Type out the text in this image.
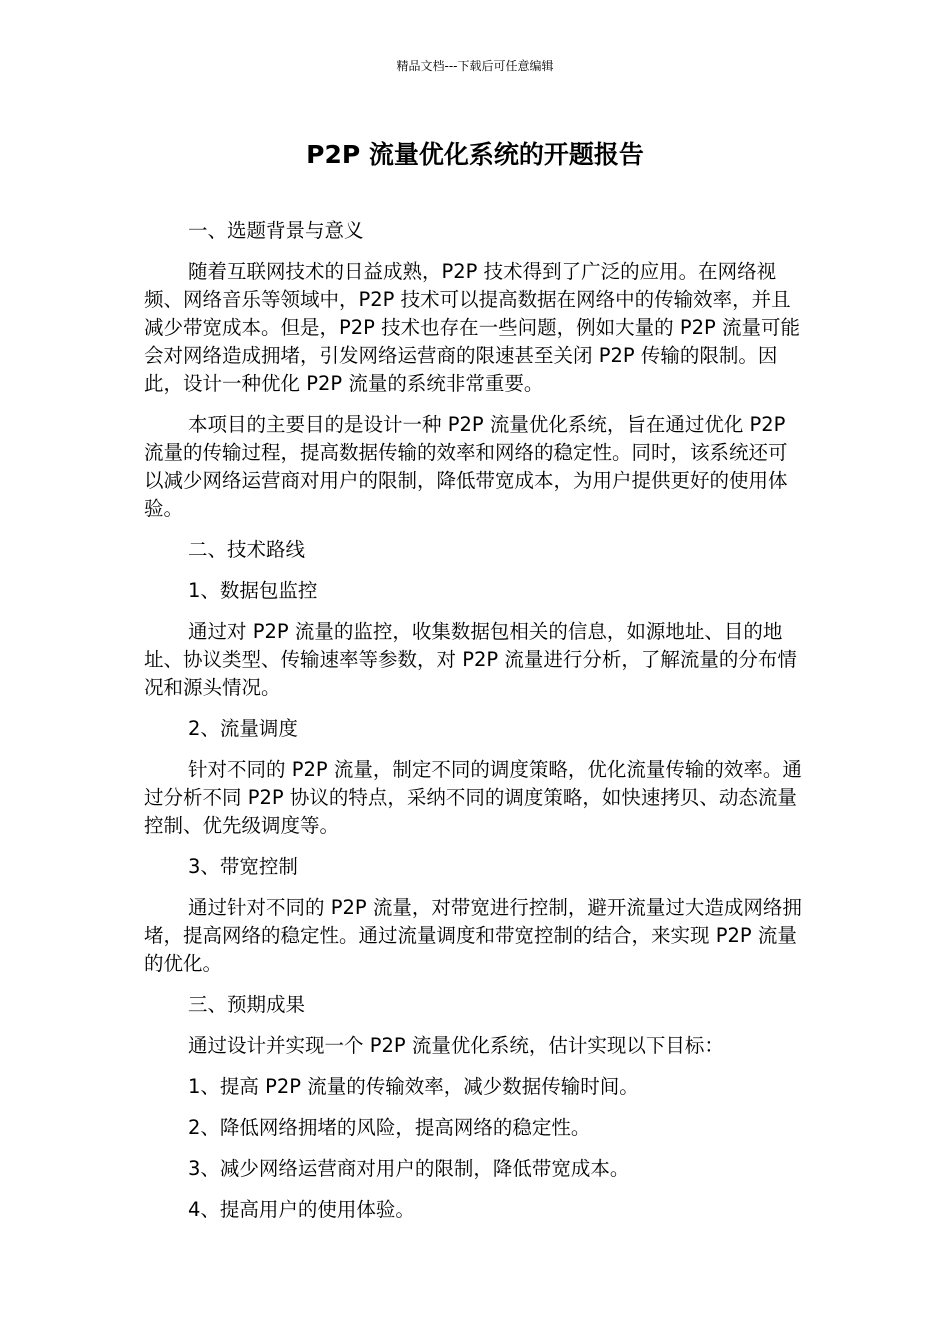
精品文档---下载后可任意编辑
P2P 流量优化系统的开题报告

一、选题背景与意义

随着互联网技术的日益成熟，P2P 技术得到了广泛的应用。在网络视频、网络音乐等领域中，P2P 技术可以提高数据在网络中的传输效率，并且减少带宽成本。但是，P2P 技术也存在一些问题，例如大量的 P2P 流量可能会对网络造成拥堵，引发网络运营商的限速甚至关闭 P2P 传输的限制。因此，设计一种优化 P2P 流量的系统非常重要。

本项目的主要目的是设计一种 P2P 流量优化系统，旨在通过优化 P2P 流量的传输过程，提高数据传输的效率和网络的稳定性。同时，该系统还可以减少网络运营商对用户的限制，降低带宽成本，为用户提供更好的使用体验。

二、技术路线

1、数据包监控

通过对 P2P 流量的监控，收集数据包相关的信息，如源地址、目的地址、协议类型、传输速率等参数，对 P2P 流量进行分析，了解流量的分布情况和源头情况。

2、流量调度

针对不同的 P2P 流量，制定不同的调度策略，优化流量传输的效率。通过分析不同 P2P 协议的特点，采纳不同的调度策略，如快速拷贝、动态流量控制、优先级调度等。

3、带宽控制

通过针对不同的 P2P 流量，对带宽进行控制，避开流量过大造成网络拥堵，提高网络的稳定性。通过流量调度和带宽控制的结合，来实现 P2P 流量的优化。

三、预期成果

通过设计并实现一个 P2P 流量优化系统，估计实现以下目标：

1、提高 P2P 流量的传输效率，减少数据传输时间。

2、降低网络拥堵的风险，提高网络的稳定性。

3、减少网络运营商对用户的限制，降低带宽成本。

4、提高用户的使用体验。
